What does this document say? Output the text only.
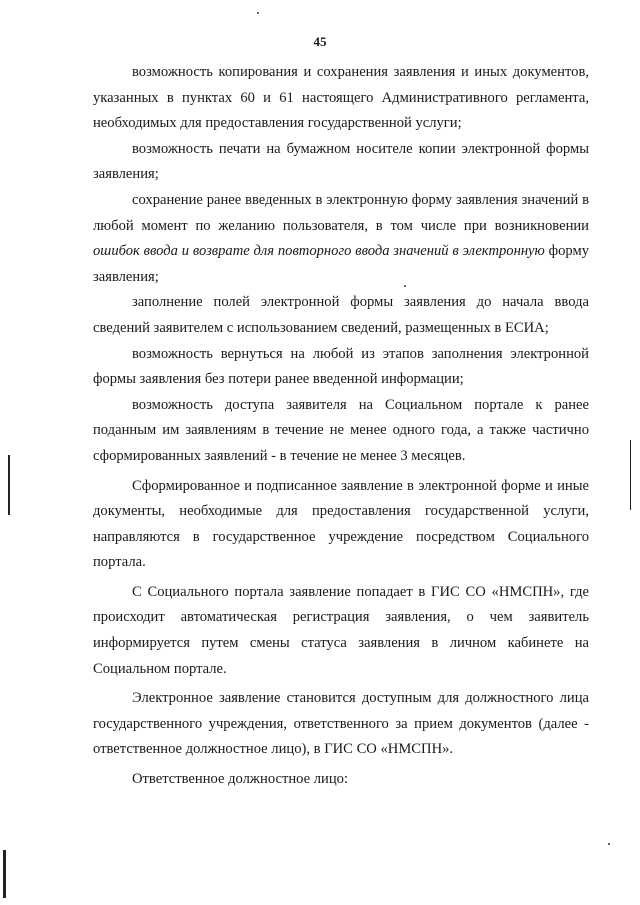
45

возможность копирования и сохранения заявления и иных документов, указанных в пунктах 60 и 61 настоящего Административного регламента, необходимых для предоставления государственной услуги;

возможность печати на бумажном носителе копии электронной формы заявления;

сохранение ранее введенных в электронную форму заявления значений в любой момент по желанию пользователя, в том числе при возникновении ошибок ввода и возврате для повторного ввода значений в электронную форму заявления;

заполнение полей электронной формы заявления до начала ввода сведений заявителем с использованием сведений, размещенных в ЕСИА;

возможность вернуться на любой из этапов заполнения электронной формы заявления без потери ранее введенной информации;

возможность доступа заявителя на Социальном портале к ранее поданным им заявлениям в течение не менее одного года, а также частично сформированных заявлений - в течение не менее 3 месяцев.

Сформированное и подписанное заявление в электронной форме и иные документы, необходимые для предоставления государственной услуги, направляются в государственное учреждение посредством Социального портала.

С Социального портала заявление попадает в ГИС СО «НМСПН», где происходит автоматическая регистрация заявления, о чем заявитель информируется путем смены статуса заявления в личном кабинете на Социальном портале.

Электронное заявление становится доступным для должностного лица государственного учреждения, ответственного за прием документов (далее - ответственное должностное лицо), в ГИС СО «НМСПН».

Ответственное должностное лицо:
